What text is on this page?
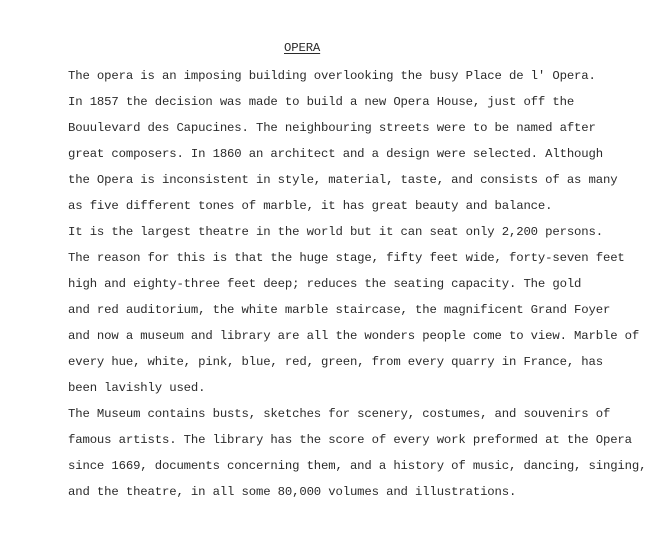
OPERA
The opera is an imposing building overlooking the busy Place de l' Opera.
In 1857 the decision was made to build a new Opera House, just off the
Bouulevard des Capucines. The neighbouring streets were to be named after
great composers. In 1860 an architect and a design were selected. Although
the Opera is inconsistent in style, material, taste, and consists of as many
as five different tones of marble, it has great beauty and balance.
It is the largest theatre in the world but it can seat only 2,200 persons.
The reason for this is that the huge stage, fifty feet wide, forty-seven feet
high and eighty-three feet deep; reduces the seating capacity. The gold
and red auditorium, the white marble staircase, the magnificent Grand Foyer
and now a museum and library are all the wonders people come to view. Marble of
every hue, white, pink, blue, red, green, from every quarry in France, has
been lavishly used.
The Museum contains busts, sketches for scenery, costumes, and souvenirs of
famous artists. The library has the score of every work preformed at the Opera
since 1669, documents concerning them, and a history of music, dancing, singing,
and the theatre, in all some 80,000 volumes and illustrations.
